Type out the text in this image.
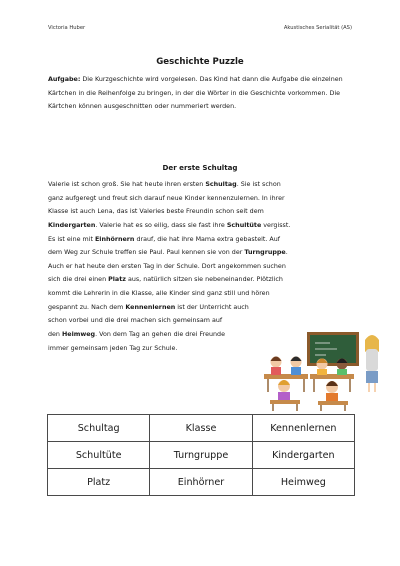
Victoria Huber	Akustisches Serialität (AS)
Geschichte Puzzle
Aufgabe: Die Kurzgeschichte wird vorgelesen. Das Kind hat dann die Aufgabe die einzelnen Kärtchen in die Reihenfolge zu bringen, in der die Wörter in die Geschichte vorkommen. Die Kärtchen können ausgeschnitten oder nummeriert werden.
Der erste Schultag
Valerie ist schon groß. Sie hat heute ihren ersten Schultag. Sie ist schon
ganz aufgeregt und freut sich darauf neue Kinder kennenzulernen. In ihrer
Klasse ist auch Lena, das ist Valeries beste Freundin schon seit dem
Kindergarten. Valerie hat es so eilig, dass sie fast ihre Schultüte vergisst.
Es ist eine mit Einhörnern drauf, die hat ihre Mama extra gebastelt. Auf
dem Weg zur Schule treffen sie Paul. Paul kennen sie von der Turngruppe.
Auch er hat heute den ersten Tag in der Schule. Dort angekommen suchen
sich die drei einen Platz aus, natürlich sitzen sie nebeneinander. Plötzlich
kommt die Lehrerin in die Klasse, alle Kinder sind ganz still und hören
gespannt zu. Nach dem Kennenlernen ist der Unterricht auch
schon vorbei und die drei machen sich gemeinsam auf
den Heimweg. Von dem Tag an gehen die drei Freunde
immer gemeinsam jeden Tag zur Schule.
Schultag	Klasse	Kennenlernen
Schultüte	Turngruppe	Kindergarten
Platz	Einhörner	Heimweg
